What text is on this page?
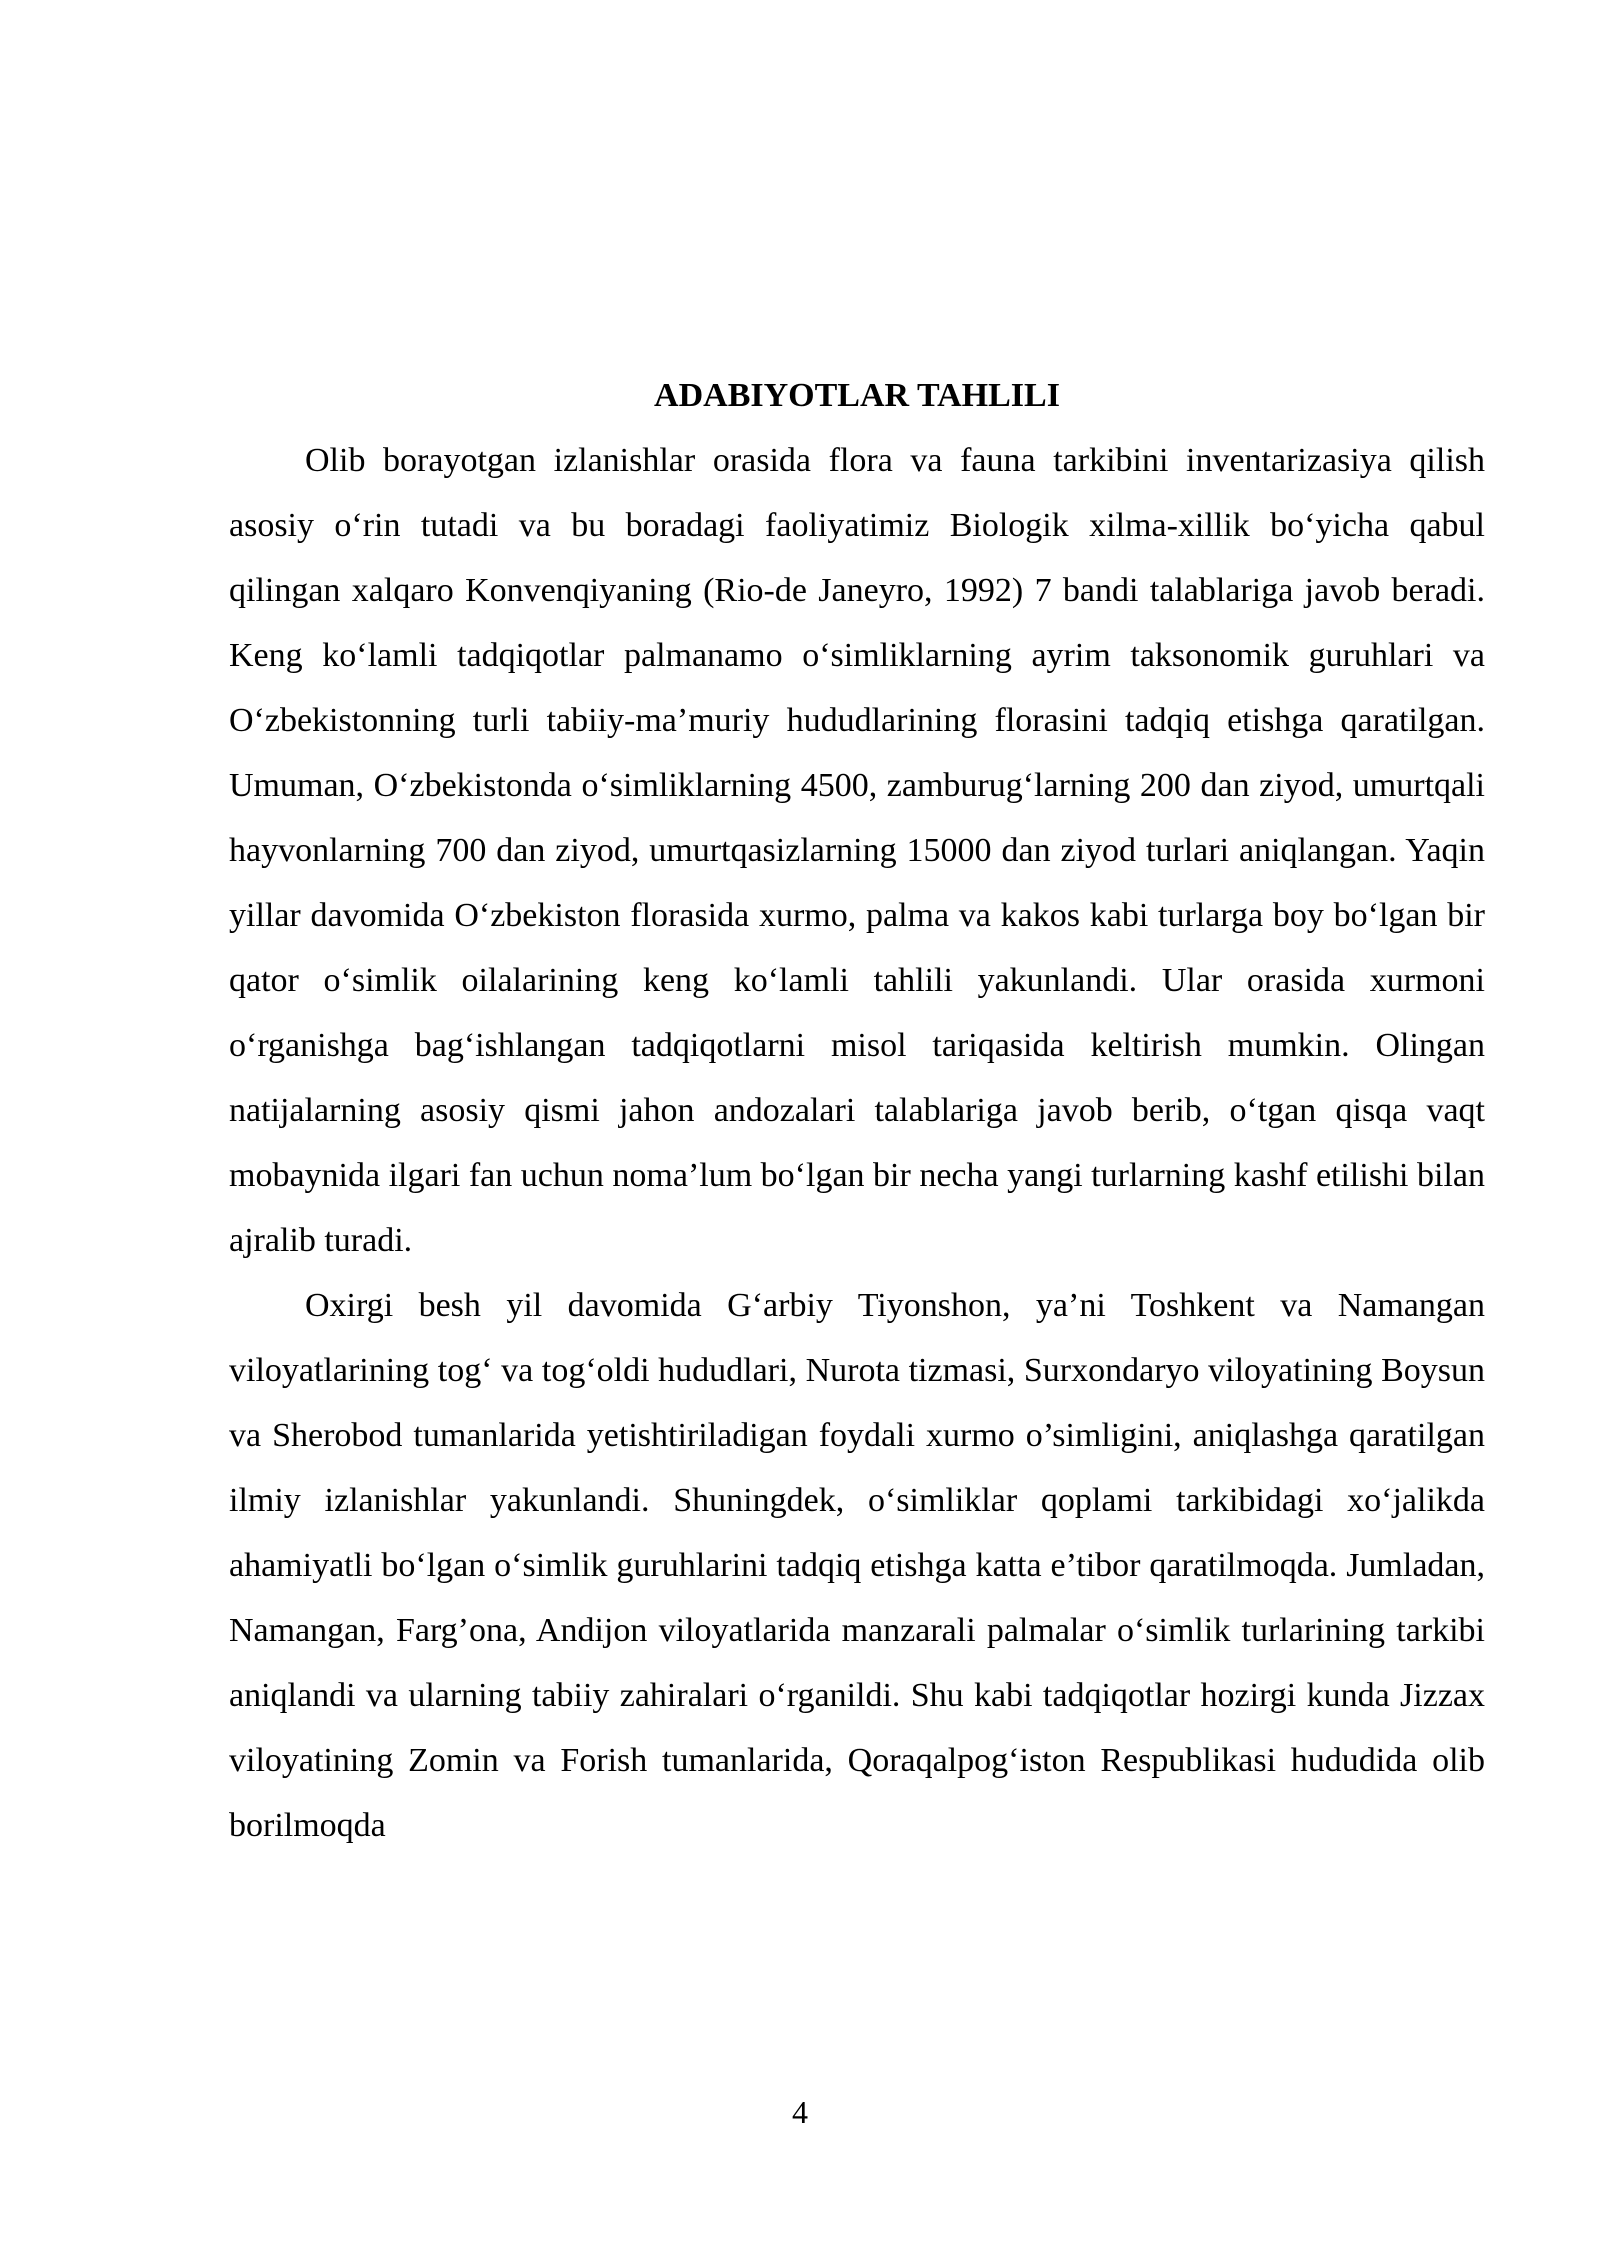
ADABIYOTLAR TAHLILI

Olib borayotgan izlanishlar orasida flora va fauna tarkibini inventarizasiya qilish asosiy o‘rin tutadi va bu boradagi faoliyatimiz Biologik xilma-xillik bo‘yicha qabul qilingan xalqaro Konvenqiyaning (Rio-de Janeyro, 1992) 7 bandi talablariga javob beradi. Keng ko‘lamli tadqiqotlar palmanamo o‘simliklarning ayrim taksonomik guruhlari va O‘zbekistonning turli tabiiy-ma’muriy hududlarining florasini tadqiq etishga qaratilgan. Umuman, O‘zbekistonda o‘simliklarning 4500, zamburug‘larning 200 dan ziyod, umurtqali hayvonlarning 700 dan ziyod, umurtqasizlarning 15000 dan ziyod turlari aniqlangan. Yaqin yillar davomida O‘zbekiston florasida xurmo, palma va kakos kabi turlarga boy bo‘lgan bir qator o‘simlik oilalarining keng ko‘lamli tahlili yakunlandi. Ular orasida xurmoni o‘rganishga bag‘ishlangan tadqiqotlarni misol tariqasida keltirish mumkin. Olingan natijalarning asosiy qismi jahon andozalari talablariga javob berib, o‘tgan qisqa vaqt mobaynida ilgari fan uchun noma’lum bo‘lgan bir necha yangi turlarning kashf etilishi bilan ajralib turadi.

Oxirgi besh yil davomida G‘arbiy Tiyonshon, ya’ni Toshkent va Namangan viloyatlarining tog‘ va tog‘oldi hududlari, Nurota tizmasi, Surxondaryo viloyatining Boysun va Sherobod tumanlarida yetishtiriladigan foydali xurmo o’simligini, aniqlashga qaratilgan ilmiy izlanishlar yakunlandi. Shuningdek, o‘simliklar qoplami tarkibidagi xo‘jalikda ahamiyatli bo‘lgan o‘simlik guruhlarini tadqiq etishga katta e’tibor qaratilmoqda. Jumladan, Namangan, Farg’ona, Andijon viloyatlarida manzarali palmalar o‘simlik turlarining tarkibi aniqlandi va ularning tabiiy zahiralari o‘rganildi. Shu kabi tadqiqotlar hozirgi kunda Jizzax viloyatining Zomin va Forish tumanlarida, Qoraqalpog‘iston Respublikasi hududida olib borilmoqda

4
